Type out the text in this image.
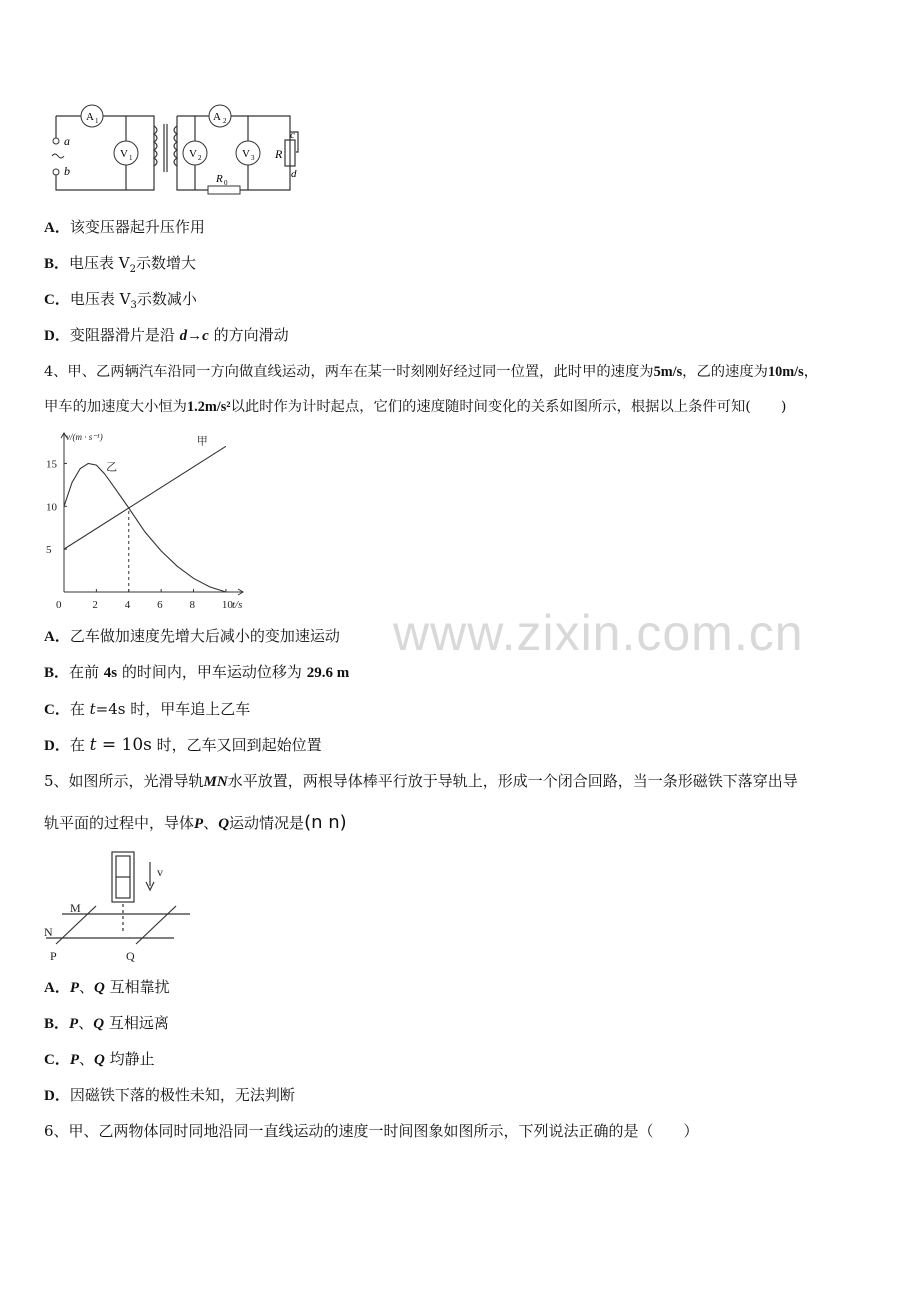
a
b
A 1
V 1
A 2
V 2	V 3 R
c
d
R 0
A．该变压器起升压作用
B．电压表 $V_2$示数增大
C．电压表 $V_3$示数减小
D．变阻器滑片是沿 d→c 的方向滑动
4、甲、乙两辆汽车沿同一方向做直线运动，两车在某一时刻刚好经过同一位置，此时甲的速度为5m/s，乙的速度为10m/s，
甲车的加速度大小恒为1.2m/s²以此时作为计时起点，它们的速度随时间变化的关系如图所示，根据以上条件可知( )
0	2 4 6 8 10
5
10
15
v/(m · s⁻¹)
t/s
甲
乙
A．乙车做加速度先增大后减小的变加速运动
B．在前 4s 的时间内，甲车运动位移为 29.6 m
C．在 t=4s 时，甲车追上乙车
D．在 t = 10s 时，乙车又回到起始位置
5、如图所示，光滑导轨MN水平放置，两根导体棒平行放于导轨上，形成一个闭合回路，当一条形磁铁下落穿出导
轨平面的过程中，导体P、Q运动情况是(n n)
v
M
N
P	Q
A．P、Q 互相靠扰
B．P、Q 互相远离
C．P、Q 均静止
D．因磁铁下落的极性未知，无法判断
6、甲、乙两物体同时同地沿同一直线运动的速度一时间图象如图所示，下列说法正确的是（　　）
www.zixin.com.cn
